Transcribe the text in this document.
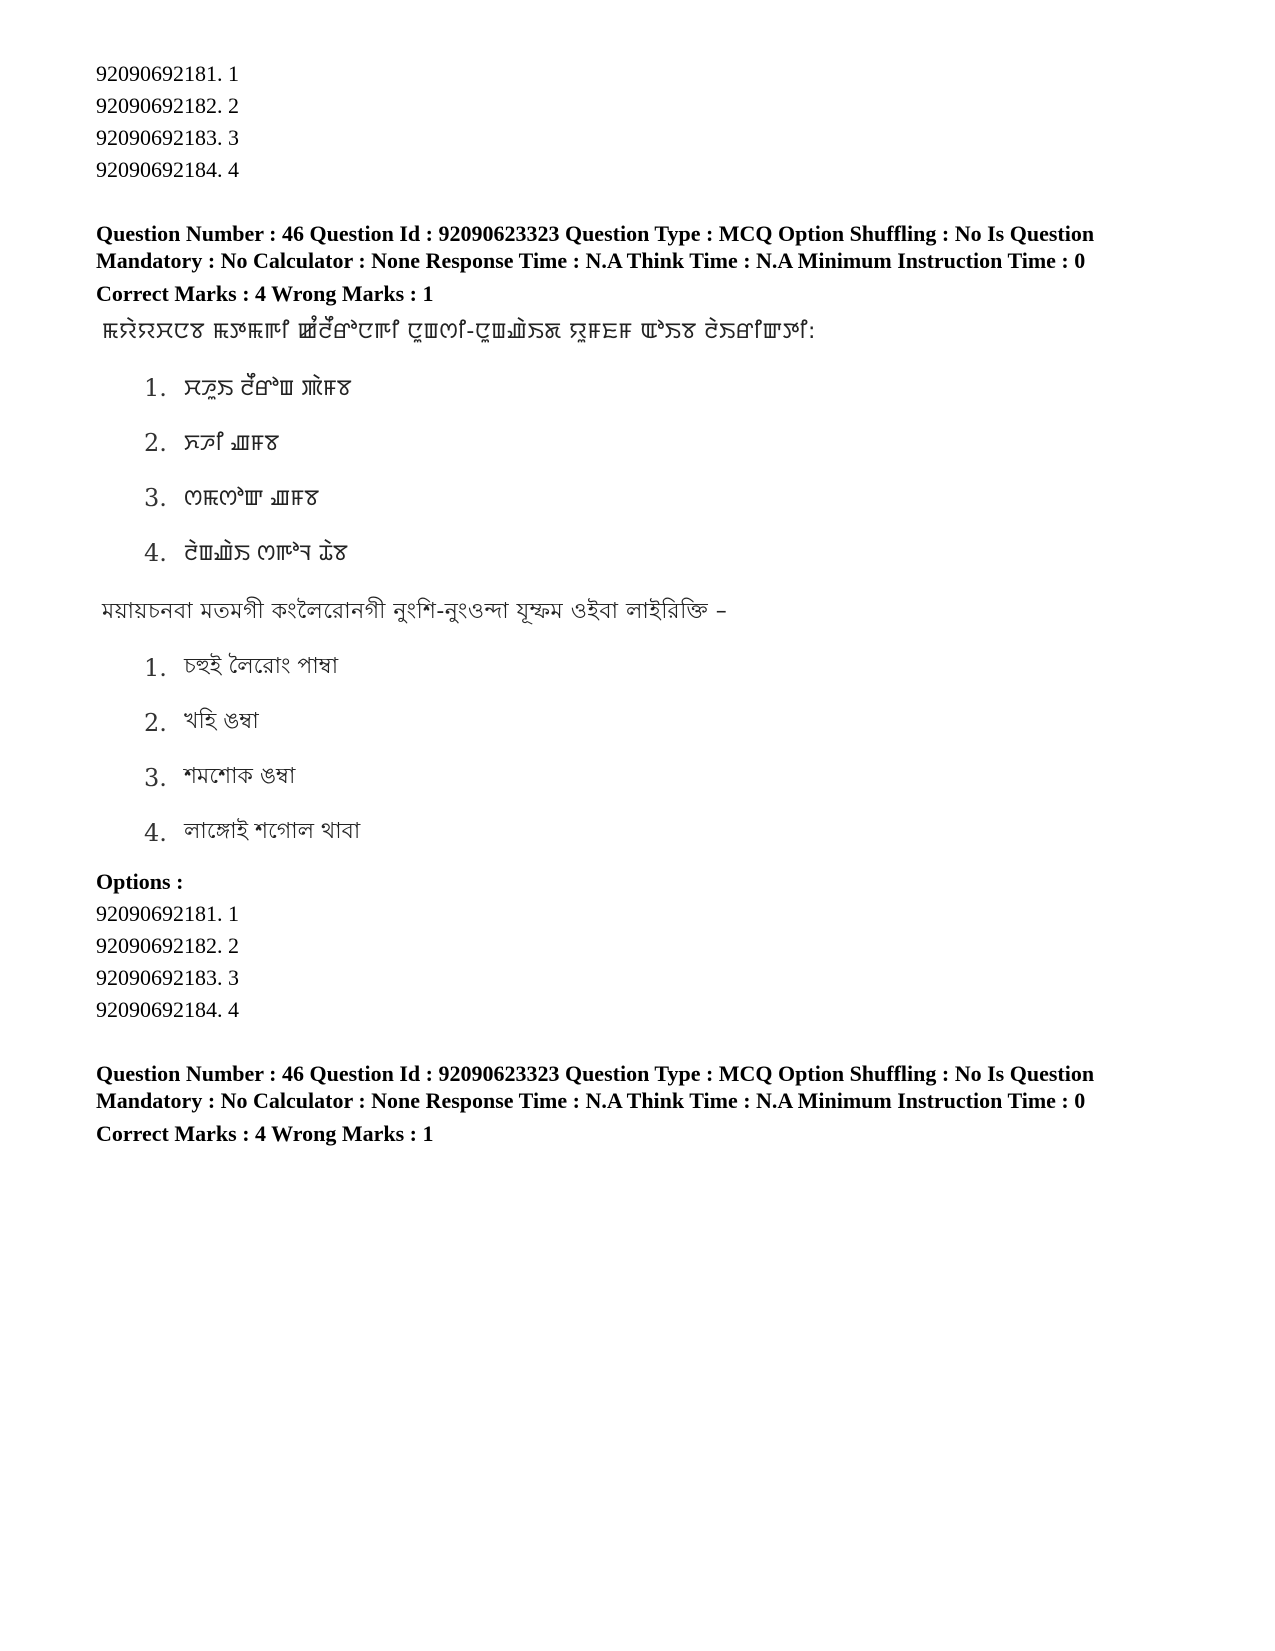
92090692181. 1

92090692182. 2

92090692183. 3

92090692184. 4

Question Number : 46 Question Id : 92090623323 Question Type : MCQ Option Shuffling : No Is Question

Mandatory : No Calculator : None Response Time : N.A Think Time : N.A Minimum Instruction Time : 0

Correct Marks : 4 Wrong Marks : 1

ꯃꯌꯥꯌꯆꯅꯕ ꯃꯇꯃꯒꯤ ꯀꯪꯂꯩꯔꯣꯅꯒꯤ ꯅꯨꯡꯁꯤ-ꯅꯨꯡꯉꯥꯏꯗ ꯌꯨꯝꯐꯝ ꯑꯣꯏꯕ ꯂꯥꯏꯔꯤꯛꯇꯤ:

1. ꯆꯍꯨꯏ ꯂꯩꯔꯣꯡ ꯄꯥꯝꯕ
2. ꯈꯍꯤ ꯉꯝꯕ
3. ꯁꯃꯁꯣꯛ ꯉꯝꯕ
4. ꯂꯥꯡꯉꯥꯏ ꯁꯒꯣꯜ ꯊꯥꯕ

ময়ায়চনবা মতমগী কংলৈরোনগী নুংশি-নুংওন্দা যূম্ফম ওইবা লাইরিক্তি –

1. চহুই লৈরোং পাম্বা
2. খহি ঙম্বা
3. শমশোক ঙম্বা
4. লাঙ্গোই শগোল থাবা

Options :

92090692181. 1

92090692182. 2

92090692183. 3

92090692184. 4

Question Number : 46 Question Id : 92090623323 Question Type : MCQ Option Shuffling : No Is Question

Mandatory : No Calculator : None Response Time : N.A Think Time : N.A Minimum Instruction Time : 0

Correct Marks : 4 Wrong Marks : 1
